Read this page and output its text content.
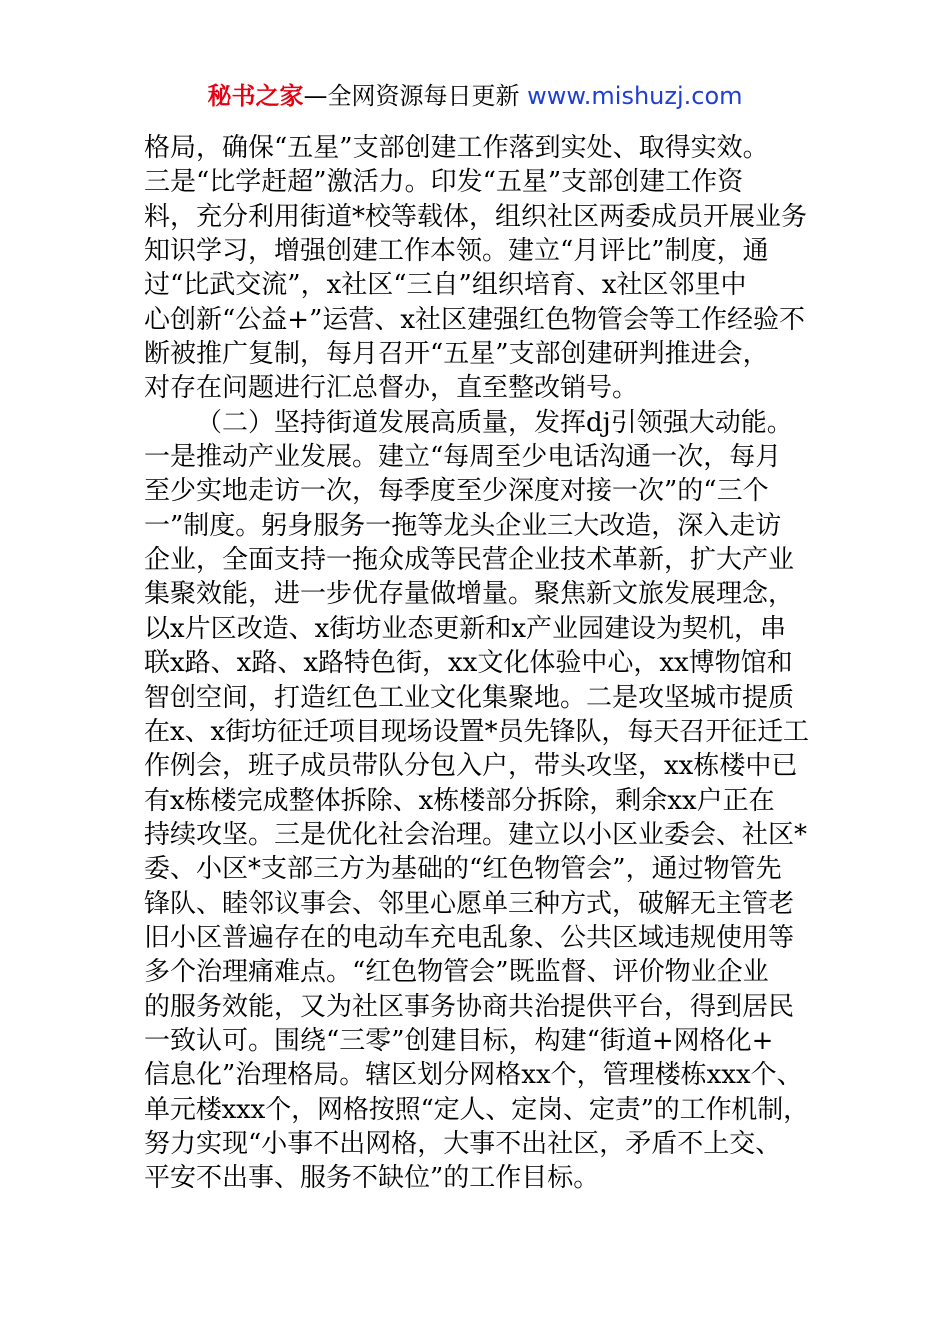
秘书之家—全网资源每日更新 www.mishuzj.com
格局，确保“五星”支部创建工作落到实处、取得实效。
三是“比学赶超”激活力。印发“五星”支部创建工作资
料，充分利用街道*校等载体，组织社区两委成员开展业务
知识学习，增强创建工作本领。建立“月评比”制度，通
过“比武交流”，x社区“三自”组织培育、x社区邻里中
心创新“公益+”运营、x社区建强红色物管会等工作经验不
断被推广复制，每月召开“五星”支部创建研判推进会，
对存在问题进行汇总督办，直至整改销号。
（二）坚持街道发展高质量，发挥dj引领强大动能。
一是推动产业发展。建立“每周至少电话沟通一次，每月
至少实地走访一次，每季度至少深度对接一次”的“三个
一”制度。躬身服务一拖等龙头企业三大改造，深入走访
企业，全面支持一拖众成等民营企业技术革新，扩大产业
集聚效能，进一步优存量做增量。聚焦新文旅发展理念，
以x片区改造、x街坊业态更新和x产业园建设为契机，串
联x路、x路、x路特色街，xx文化体验中心，xx博物馆和
智创空间，打造红色工业文化集聚地。二是攻坚城市提质
在x、x街坊征迁项目现场设置*员先锋队，每天召开征迁工
作例会，班子成员带队分包入户，带头攻坚，xx栋楼中已
有x栋楼完成整体拆除、x栋楼部分拆除，剩余xx户正在
持续攻坚。三是优化社会治理。建立以小区业委会、社区*
委、小区*支部三方为基础的“红色物管会”，通过物管先
锋队、睦邻议事会、邻里心愿单三种方式，破解无主管老
旧小区普遍存在的电动车充电乱象、公共区域违规使用等
多个治理痛难点。“红色物管会”既监督、评价物业企业
的服务效能，又为社区事务协商共治提供平台，得到居民
一致认可。围绕“三零”创建目标，构建“街道+网格化+
信息化”治理格局。辖区划分网格xx个，管理楼栋xxx个、
单元楼xxx个，网格按照“定人、定岗、定责”的工作机制，
努力实现“小事不出网格，大事不出社区，矛盾不上交、
平安不出事、服务不缺位”的工作目标。
